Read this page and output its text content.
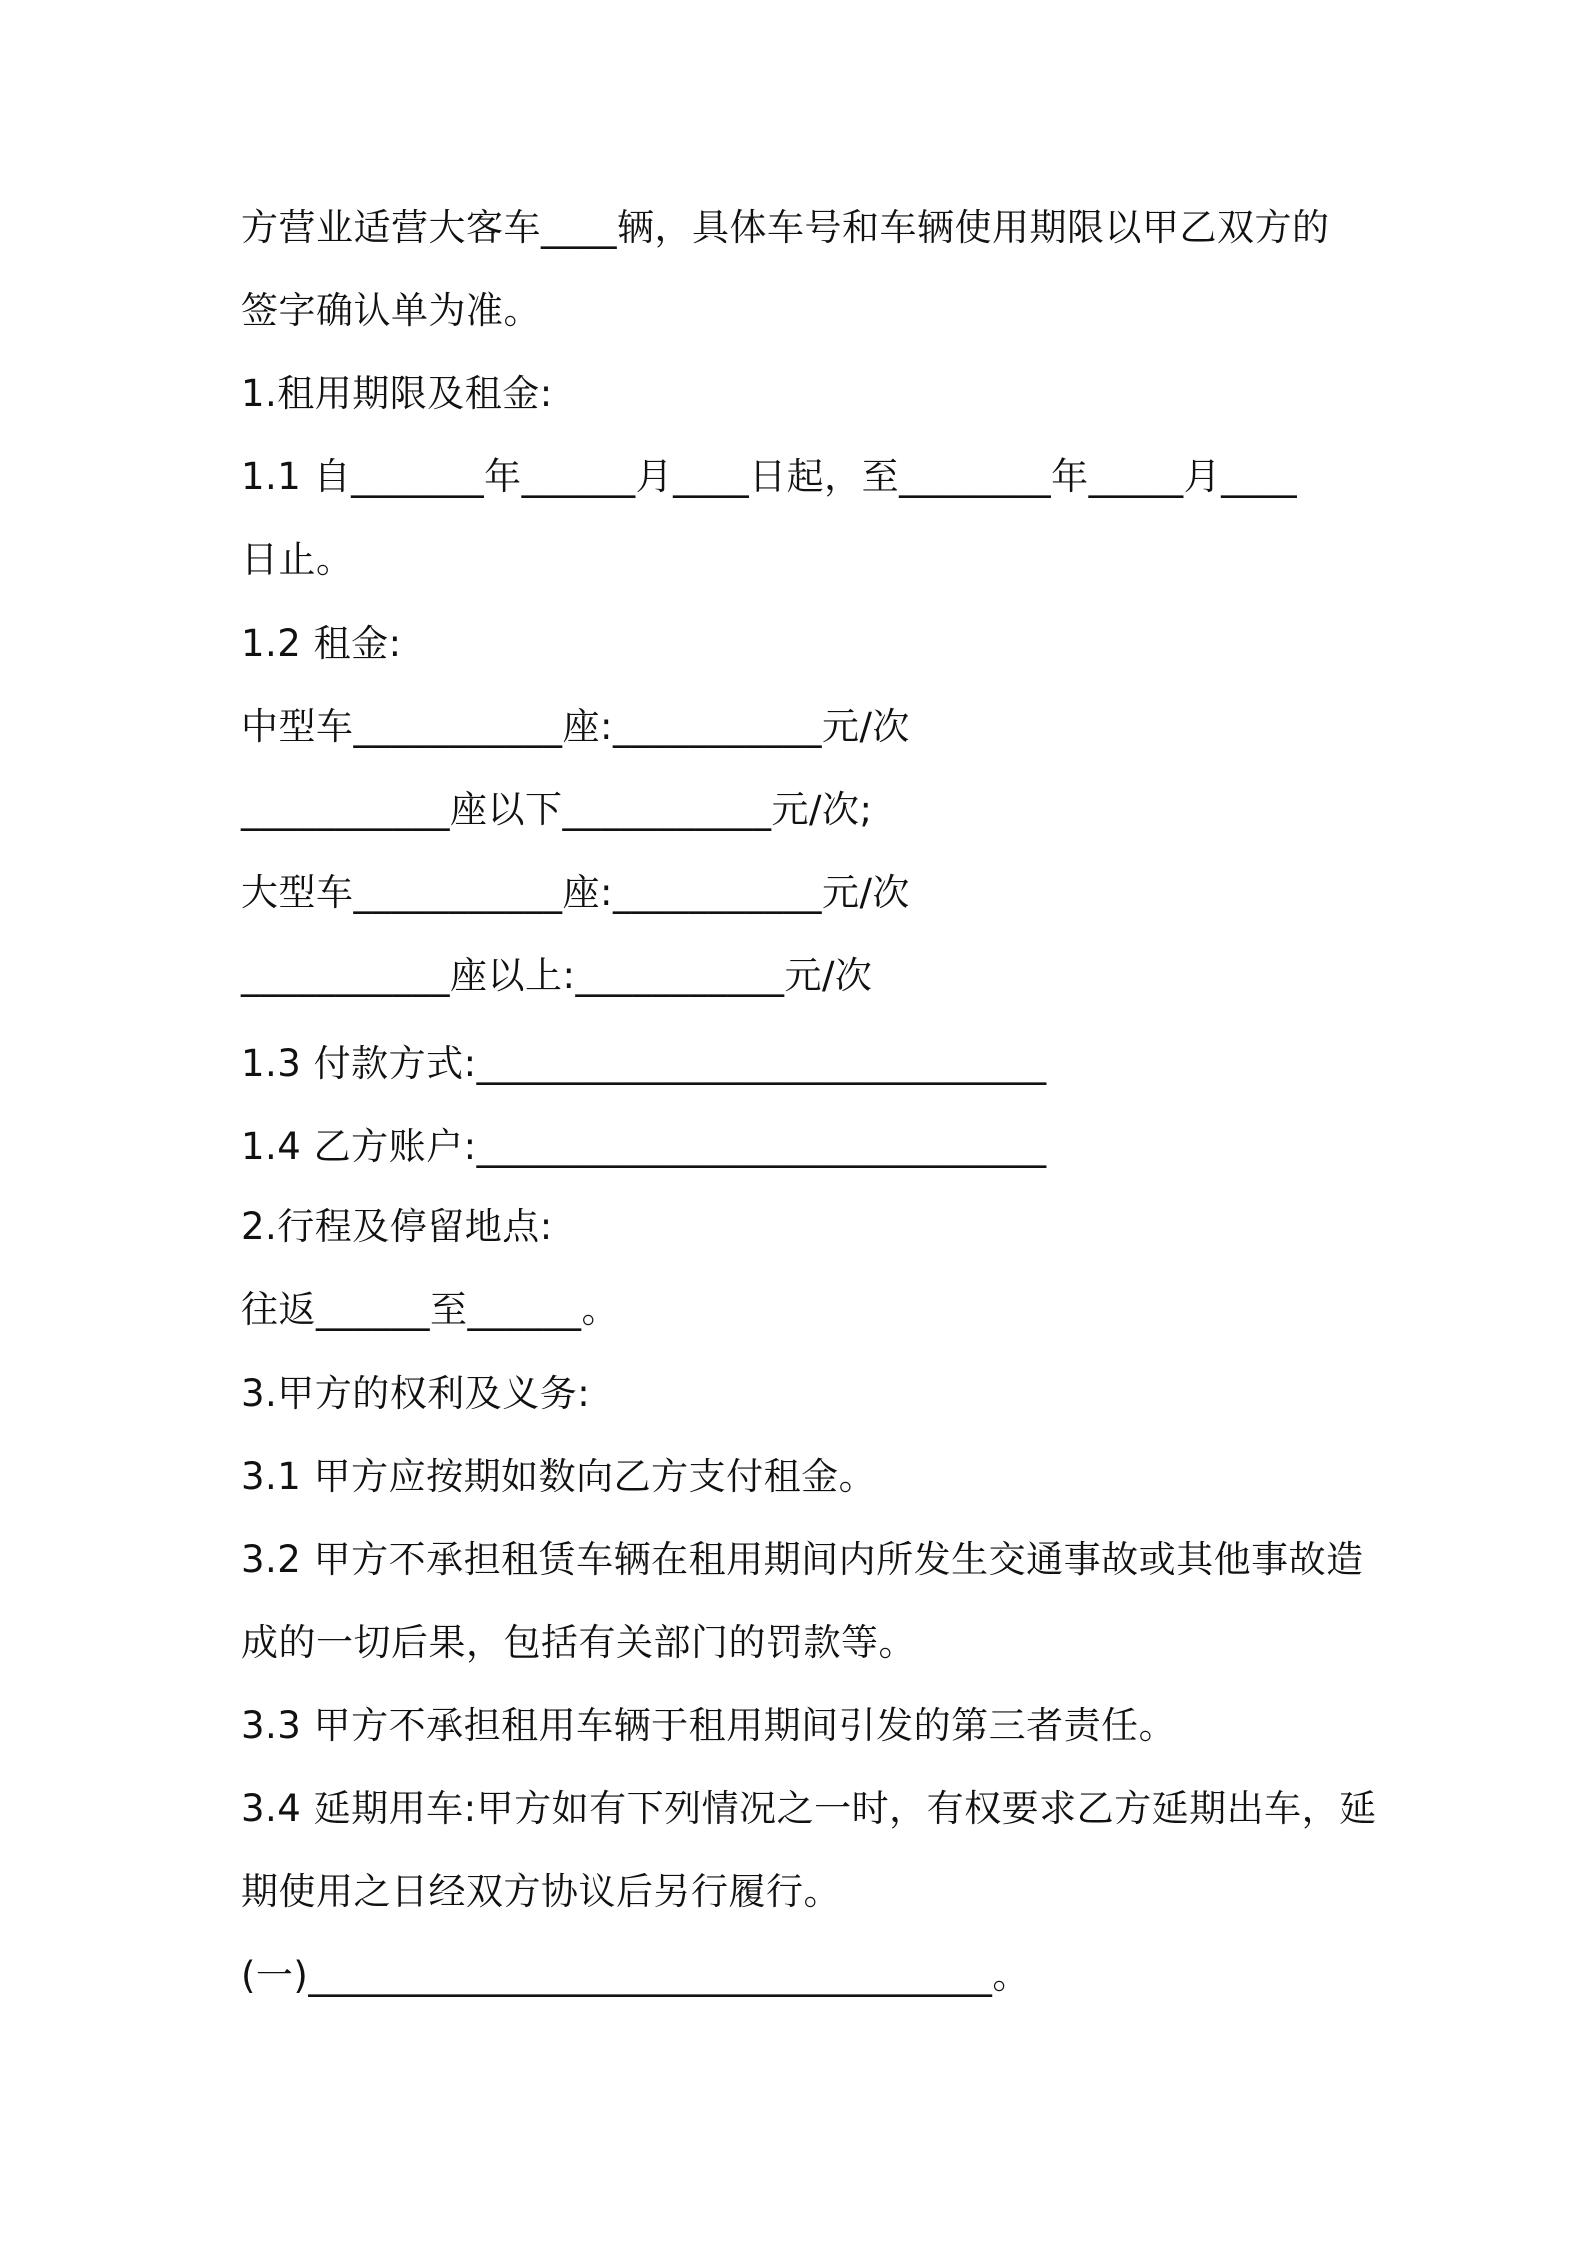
方营业适营大客车____辆，具体车号和车辆使用期限以甲乙双方的
签字确认单为准。
1.租用期限及租金:
1.1 自_______年______月____日起，至________年_____月____
日止。
1.2 租金:
中型车___________座:___________元/次
___________座以下___________元/次;
大型车___________座:___________元/次
___________座以上:___________元/次
1.3 付款方式:______________________________
1.4 乙方账户:______________________________
2.行程及停留地点:
往返______至______。
3.甲方的权利及义务:
3.1 甲方应按期如数向乙方支付租金。
3.2 甲方不承担租赁车辆在租用期间内所发生交通事故或其他事故造
成的一切后果，包括有关部门的罚款等。
3.3 甲方不承担租用车辆于租用期间引发的第三者责任。
3.4 延期用车:甲方如有下列情况之一时，有权要求乙方延期出车，延
期使用之日经双方协议后另行履行。
(一)____________________________________。
